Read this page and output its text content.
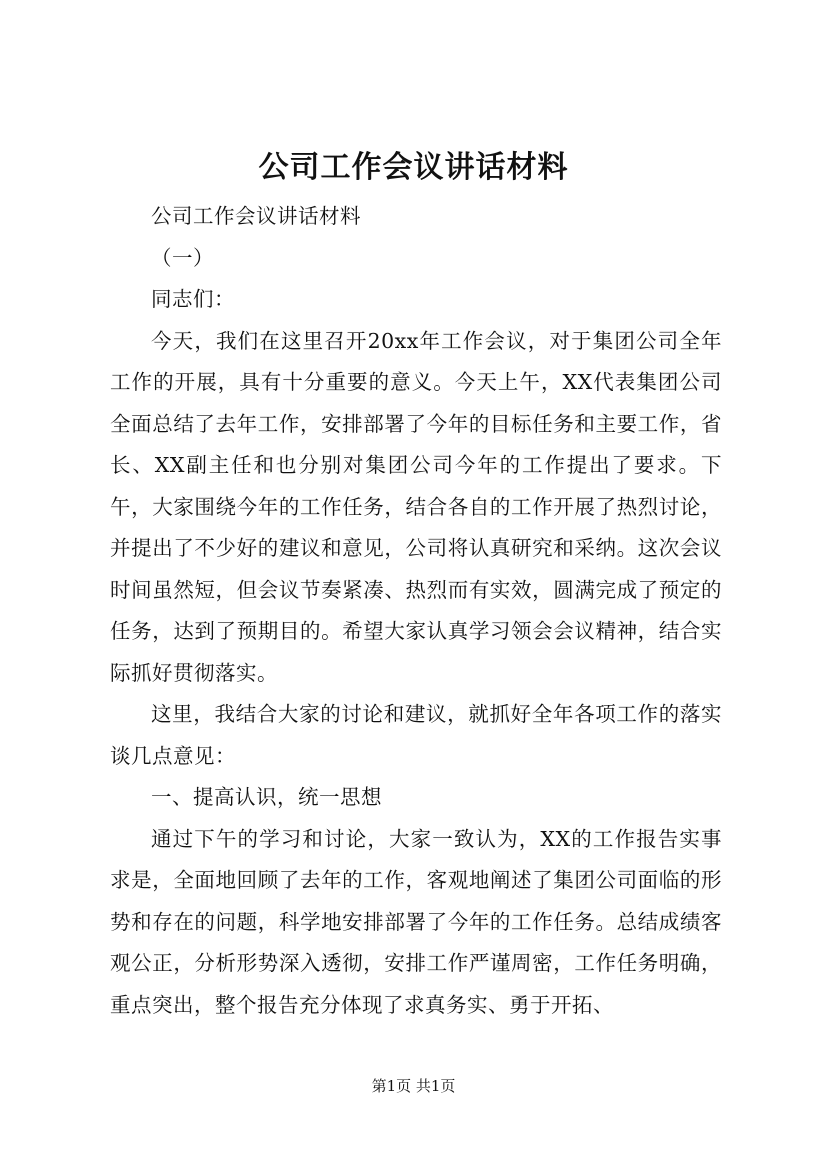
公司工作会议讲话材料

公司工作会议讲话材料

（一）

同志们：

今天，我们在这里召开20xx年工作会议，对于集团公司全年工作的开展，具有十分重要的意义。今天上午，XX代表集团公司全面总结了去年工作，安排部署了今年的目标任务和主要工作，省长、XX副主任和也分别对集团公司今年的工作提出了要求。下午，大家围绕今年的工作任务，结合各自的工作开展了热烈讨论，并提出了不少好的建议和意见，公司将认真研究和采纳。这次会议时间虽然短，但会议节奏紧凑、热烈而有实效，圆满完成了预定的任务，达到了预期目的。希望大家认真学习领会会议精神，结合实际抓好贯彻落实。

这里，我结合大家的讨论和建议，就抓好全年各项工作的落实谈几点意见：

一、提高认识，统一思想

通过下午的学习和讨论，大家一致认为，XX的工作报告实事求是，全面地回顾了去年的工作，客观地阐述了集团公司面临的形势和存在的问题，科学地安排部署了今年的工作任务。总结成绩客观公正，分析形势深入透彻，安排工作严谨周密，工作任务明确，重点突出，整个报告充分体现了求真务实、勇于开拓、

第1页 共1页
